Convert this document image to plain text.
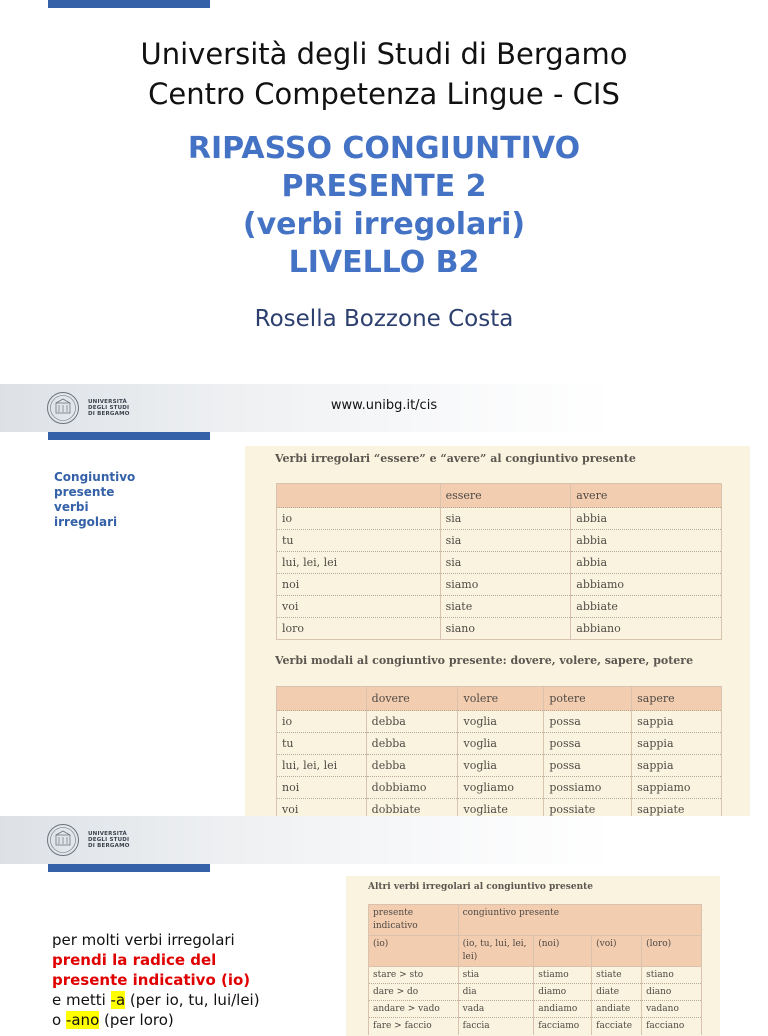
Università degli Studi di Bergamo
Centro Competenza Lingue - CIS
RIPASSO CONGIUNTIVO
PRESENTE 2
(verbi irregolari)
LIVELLO B2
Rosella Bozzone Costa
UNIVERSITÀ
DEGLI STUDI
DI BERGAMO
www.unibg.it/cis
Congiuntivo
presente
verbi
irregolari
Verbi irregolari “essere” e “avere” al congiuntivo presente
	essere	avere
io	sia	abbia
tu	sia	abbia
lui, lei, lei	sia	abbia
noi	siamo	abbiamo
voi	siate	abbiate
loro	siano	abbiano
Verbi modali al congiuntivo presente: dovere, volere, sapere, potere
	dovere	volere	potere	sapere
io	debba	voglia	possa	sappia
tu	debba	voglia	possa	sappia
lui, lei, lei	debba	voglia	possa	sappia
noi	dobbiamo	vogliamo	possiamo	sappiamo
voi	dobbiate	vogliate	possiate	sappiate

UNIVERSITÀ
DEGLI STUDI
DI BERGAMO
per molti verbi irregolari
prendi la radice del
presente indicativo (io)
e metti -a (per io, tu, lui/lei)
o -ano (per loro)
Altri verbi irregolari al congiuntivo presente
presente indicativo	congiuntivo presente			
(io)	(io, tu, lui, lei, lei)	(noi)	(voi)	(loro)
stare > sto	stia	stiamo	stiate	stiano
dare > do	dia	diamo	diate	diano
andare > vado	vada	andiamo	andiate	vadano
fare > faccio	faccia	facciamo	facciate	facciano
